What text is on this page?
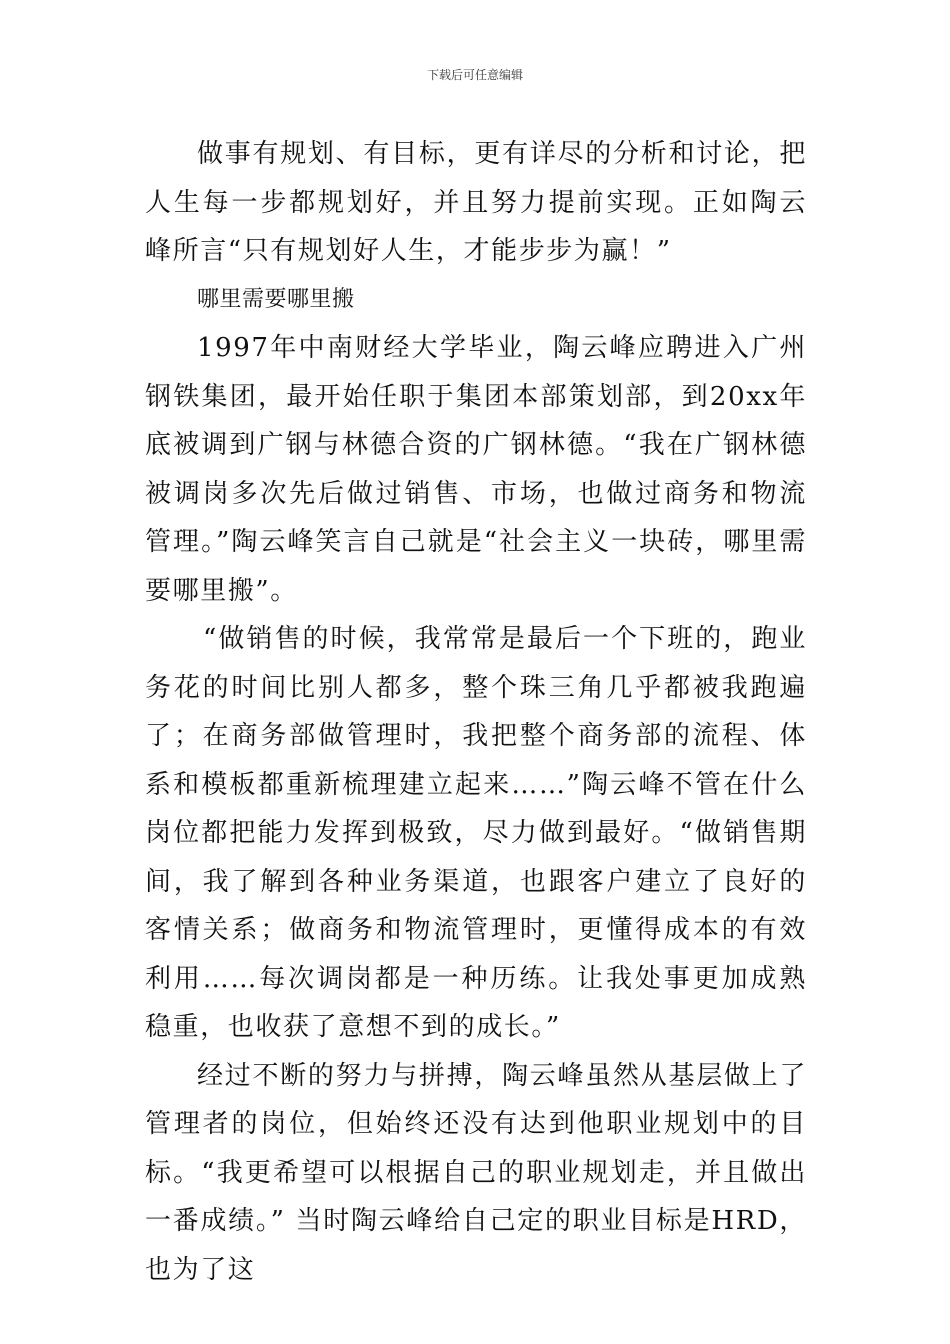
下载后可任意编辑

做事有规划、有目标，更有详尽的分析和讨论，把人生每一步都规划好，并且努力提前实现。正如陶云峰所言“只有规划好人生，才能步步为赢！”

哪里需要哪里搬

1997年中南财经大学毕业，陶云峰应聘进入广州钢铁集团，最开始任职于集团本部策划部，到20xx年底被调到广钢与林德合资的广钢林德。“我在广钢林德被调岗多次先后做过销售、市场，也做过商务和物流管理。”陶云峰笑言自己就是“社会主义一块砖，哪里需要哪里搬”。

“做销售的时候，我常常是最后一个下班的，跑业务花的时间比别人都多，整个珠三角几乎都被我跑遍了；在商务部做管理时，我把整个商务部的流程、体系和模板都重新梳理建立起来……”陶云峰不管在什么岗位都把能力发挥到极致，尽力做到最好。“做销售期间，我了解到各种业务渠道，也跟客户建立了良好的客情关系；做商务和物流管理时，更懂得成本的有效利用……每次调岗都是一种历练。让我处事更加成熟稳重，也收获了意想不到的成长。”

经过不断的努力与拼搏，陶云峰虽然从基层做上了管理者的岗位，但始终还没有达到他职业规划中的目标。“我更希望可以根据自己的职业规划走，并且做出一番成绩。” 当时陶云峰给自己定的职业目标是HRD，也为了这
